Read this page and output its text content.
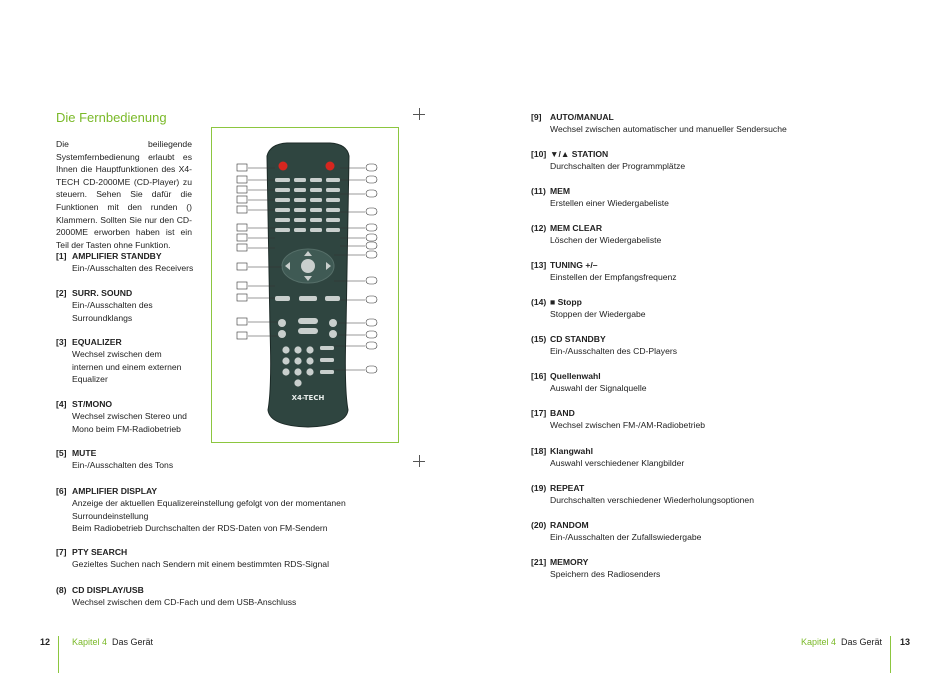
Die Fernbedienung

Die beiliegende Systemfernbedienung erlaubt es Ihnen die Hauptfunktionen des X4-TECH CD-2000ME (CD-Player) zu steuern. Sehen Sie dafür die Funktionen mit den runden () Klammern. Sollten Sie nur den CD-2000ME erworben haben ist ein Teil der Tasten ohne Funktion.

[1] AMPLIFIER STANDBY
Ein-/Ausschalten des Receivers
[2] SURR. SOUND
Ein-/Ausschalten des
Surroundklangs
[3] EQUALIZER
Wechsel zwischen dem
internen und einem externen
Equalizer
[4] ST/MONO
Wechsel zwischen Stereo und
Mono beim FM-Radiobetrieb
[5] MUTE
Ein-/Ausschalten des Tons
[6] AMPLIFIER DISPLAY
Anzeige der aktuellen Equalizereinstellung gefolgt von der momentanen
Surroundeinstellung
Beim Radiobetrieb Durchschalten der RDS-Daten von FM-Sendern
[7] PTY SEARCH
Gezieltes Suchen nach Sendern mit einem bestimmten RDS-Signal
(8) CD DISPLAY/USB
Wechsel zwischen dem CD-Fach und dem USB-Anschluss
X4-TECH
12 Kapitel 4 Das Gerät
[9] AUTO/MANUAL
Wechsel zwischen automatischer und manueller Sendersuche
[10] ▼/▲ STATION
Durchschalten der Programmplätze
(11) MEM
Erstellen einer Wiedergabeliste
(12) MEM CLEAR
Löschen der Wiedergabeliste
[13] TUNING +/–
Einstellen der Empfangsfrequenz
(14) ■ Stopp
Stoppen der Wiedergabe
(15) CD STANDBY
Ein-/Ausschalten des CD-Players
[16] Quellenwahl
Auswahl der Signalquelle
[17] BAND
Wechsel zwischen FM-/AM-Radiobetrieb
[18] Klangwahl
Auswahl verschiedener Klangbilder
(19) REPEAT
Durchschalten verschiedener Wiederholungsoptionen
(20) RANDOM
Ein-/Ausschalten der Zufallswiedergabe
[21] MEMORY
Speichern des Radiosenders
Kapitel 4 Das Gerät 13
